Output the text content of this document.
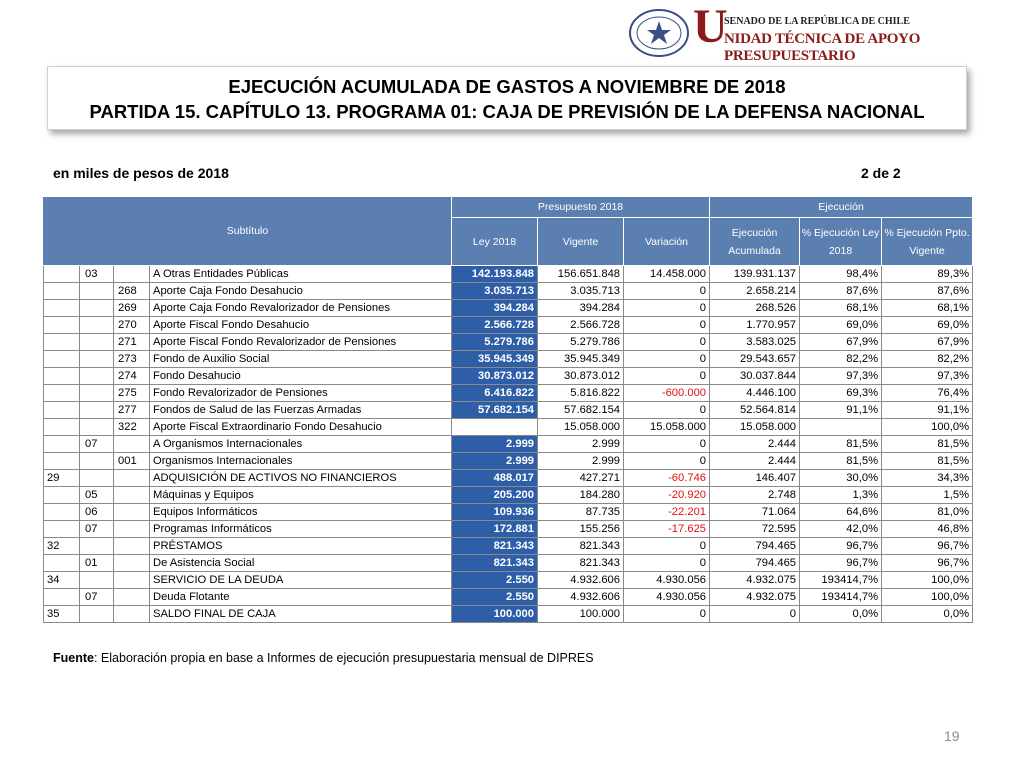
U
SENADO DE LA REPÚBLICA DE CHILE
NIDAD TÉCNICA DE APOYO PRESUPUESTARIO
EJECUCIÓN ACUMULADA DE GASTOS A NOVIEMBRE DE 2018
PARTIDA 15. CAPÍTULO 13. PROGRAMA 01: CAJA DE PREVISIÓN DE LA DEFENSA NACIONAL
en miles de pesos de 2018	2 de 2
Subtítulo				Presupuesto 2018			Ejecución		
				Ley 2018	Vigente	Variación	Ejecución Acumulada	% Ejecución Ley 2018	% Ejecución Ppto. Vigente
	03		A Otras Entidades Públicas	142.193.848	156.651.848	14.458.000	139.931.137	98,4%	89,3%
		268	Aporte Caja Fondo Desahucio	3.035.713	3.035.713	0	2.658.214	87,6%	87,6%
		269	Aporte Caja Fondo Revalorizador de Pensiones	394.284	394.284	0	268.526	68,1%	68,1%
		270	Aporte Fiscal Fondo Desahucio	2.566.728	2.566.728	0	1.770.957	69,0%	69,0%
		271	Aporte Fiscal Fondo Revalorizador de Pensiones	5.279.786	5.279.786	0	3.583.025	67,9%	67,9%
		273	Fondo de Auxilio Social	35.945.349	35.945.349	0	29.543.657	82,2%	82,2%
		274	Fondo Desahucio	30.873.012	30.873.012	0	30.037.844	97,3%	97,3%
		275	Fondo Revalorizador de Pensiones	6.416.822	5.816.822	-600.000	4.446.100	69,3%	76,4%
		277	Fondos de Salud de las Fuerzas Armadas	57.682.154	57.682.154	0	52.564.814	91,1%	91,1%
		322	Aporte Fiscal Extraordinario Fondo Desahucio		15.058.000	15.058.000	15.058.000		100,0%
	07		A Organismos Internacionales	2.999	2.999	0	2.444	81,5%	81,5%
		001	Organismos Internacionales	2.999	2.999	0	2.444	81,5%	81,5%
29			ADQUISICIÓN DE ACTIVOS NO FINANCIEROS	488.017	427.271	-60.746	146.407	30,0%	34,3%
	05		Máquinas y Equipos	205.200	184.280	-20.920	2.748	1,3%	1,5%
	06		Equipos Informáticos	109.936	87.735	-22.201	71.064	64,6%	81,0%
	07		Programas Informáticos	172.881	155.256	-17.625	72.595	42,0%	46,8%
32			PRÉSTAMOS	821.343	821.343	0	794.465	96,7%	96,7%
	01		De Asistencia Social	821.343	821.343	0	794.465	96,7%	96,7%
34			SERVICIO DE LA DEUDA	2.550	4.932.606	4.930.056	4.932.075	193414,7%	100,0%
	07		Deuda Flotante	2.550	4.932.606	4.930.056	4.932.075	193414,7%	100,0%
35			SALDO FINAL DE CAJA	100.000	100.000	0	0	0,0%	0,0%
Fuente: Elaboración propia en base a Informes de ejecución presupuestaria mensual de DIPRES
19
